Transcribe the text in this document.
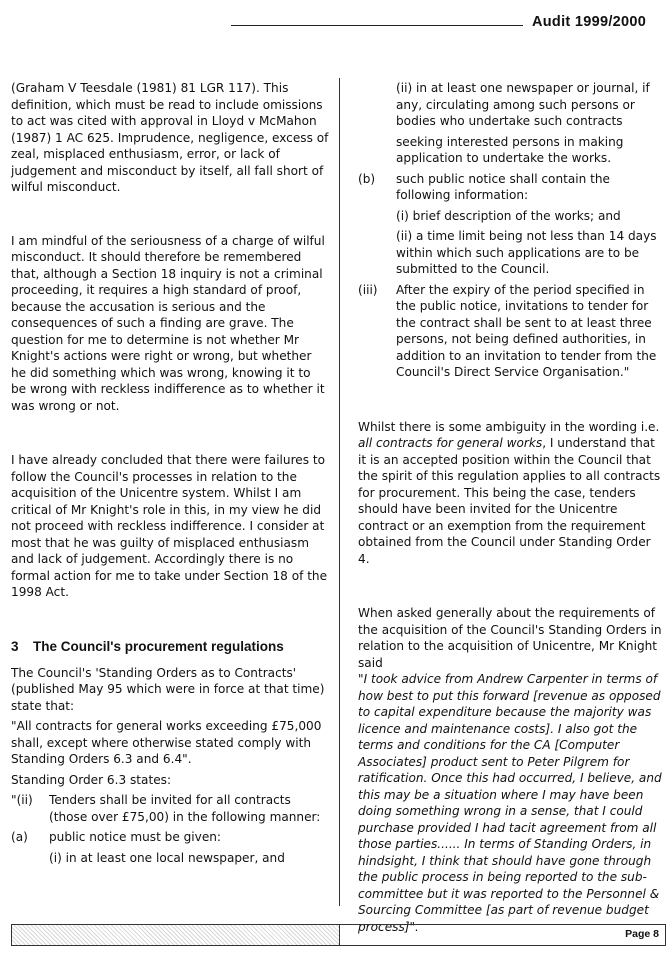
Audit 1999/2000

(Graham V Teesdale (1981) 81 LGR 117). This definition, which must be read to include omissions to act was cited with approval in Lloyd v McMahon (1987) 1 AC 625. Imprudence, negligence, excess of zeal, misplaced enthusiasm, error, or lack of judgement and misconduct by itself, all fall short of wilful misconduct.

I am mindful of the seriousness of a charge of wilful misconduct. It should therefore be remembered that, although a Section 18 inquiry is not a criminal proceeding, it requires a high standard of proof, because the accusation is serious and the consequences of such a finding are grave. The question for me to determine is not whether Mr Knight's actions were right or wrong, but whether he did something which was wrong, knowing it to be wrong with reckless indifference as to whether it was wrong or not.

I have already concluded that there were failures to follow the Council's processes in relation to the acquisition of the Unicentre system. Whilst I am critical of Mr Knight's role in this, in my view he did not proceed with reckless indifference. I consider at most that he was guilty of misplaced enthusiasm and lack of judgement. Accordingly there is no formal action for me to take under Section 18 of the 1998 Act.

3	The Council's procurement regulations

The Council's 'Standing Orders as to Contracts' (published May 95 which were in force at that time) state that:

"All contracts for general works exceeding £75,000 shall, except where otherwise stated comply with Standing Orders 6.3 and 6.4".

Standing Order 6.3 states:

"(ii)	Tenders shall be invited for all contracts (those over £75,00) in the following manner:
(a)	public notice must be given:

(i) in at least one local newspaper, and

(ii) in at least one newspaper or journal, if any, circulating among such persons or bodies who undertake such contracts

seeking interested persons in making application to undertake the works.

(b)	such public notice shall contain the following information:

(i) brief description of the works; and

(ii) a time limit being not less than 14 days within which such applications are to be submitted to the Council.

(iii)	After the expiry of the period specified in the public notice, invitations to tender for the contract shall be sent to at least three persons, not being defined authorities, in addition to an invitation to tender from the Council's Direct Service Organisation."

Whilst there is some ambiguity in the wording i.e. all contracts for general works, I understand that it is an accepted position within the Council that the spirit of this regulation applies to all contracts for procurement. This being the case, tenders should have been invited for the Unicentre contract or an exemption from the requirement obtained from the Council under Standing Order 4.

When asked generally about the requirements of the acquisition of the Council's Standing Orders in relation to the acquisition of Unicentre, Mr Knight said

"I took advice from Andrew Carpenter in terms of how best to put this forward [revenue as opposed to capital expenditure because the majority was licence and maintenance costs]. I also got the terms and conditions for the CA [Computer Associates] product sent to Peter Pilgrem for ratification. Once this had occurred, I believe, and this may be a situation where I may have been doing something wrong in a sense, that I could purchase provided I had tacit agreement from all those parties...... In terms of Standing Orders, in hindsight, I think that should have gone through the public process in being reported to the sub-committee but it was reported to the Personnel & Sourcing Committee [as part of revenue budget process]".

Page 8
